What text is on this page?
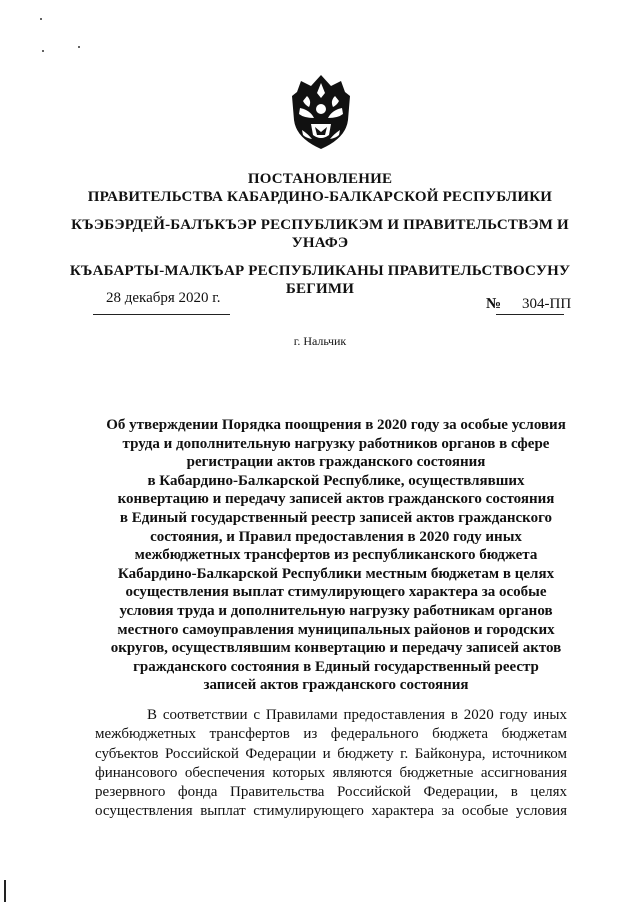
ПОСТАНОВЛЕНИЕ
ПРАВИТЕЛЬСТВА КАБАРДИНО-БАЛКАРСКОЙ РЕСПУБЛИКИ
КЪЭБЭРДЕЙ-БАЛЪКЪЭР РЕСПУБЛИКЭМ И ПРАВИТЕЛЬСТВЭМ И
УНАФЭ
КЪАБАРТЫ-МАЛКЪАР РЕСПУБЛИКАНЫ ПРАВИТЕЛЬСТВОСУНУ
БЕГИМИ
28 декабря 2020 г.	№ 304-ПП
г. Нальчик
Об утверждении Порядка поощрения в 2020 году за особые условия
труда и дополнительную нагрузку работников органов в сфере
регистрации актов гражданского состояния
в Кабардино-Балкарской Республике, осуществлявших
конвертацию и передачу записей актов гражданского состояния
в Единый государственный реестр записей актов гражданского
состояния, и Правил предоставления в 2020 году иных
межбюджетных трансфертов из республиканского бюджета
Кабардино-Балкарской Республики местным бюджетам в целях
осуществления выплат стимулирующего характера за особые
условия труда и дополнительную нагрузку работникам органов
местного самоуправления муниципальных районов и городских
округов, осуществлявшим конвертацию и передачу записей актов
гражданского состояния в Единый государственный реестр
записей актов гражданского состояния
В соответствии с Правилами предоставления в 2020 году иных
межбюджетных трансфертов из федерального бюджета бюджетам
субъектов Российской Федерации и бюджету г. Байконура, источником
финансового обеспечения которых являются бюджетные ассигнования
резервного фонда Правительства Российской Федерации, в целях
осуществления выплат стимулирующего характера за особые условия
